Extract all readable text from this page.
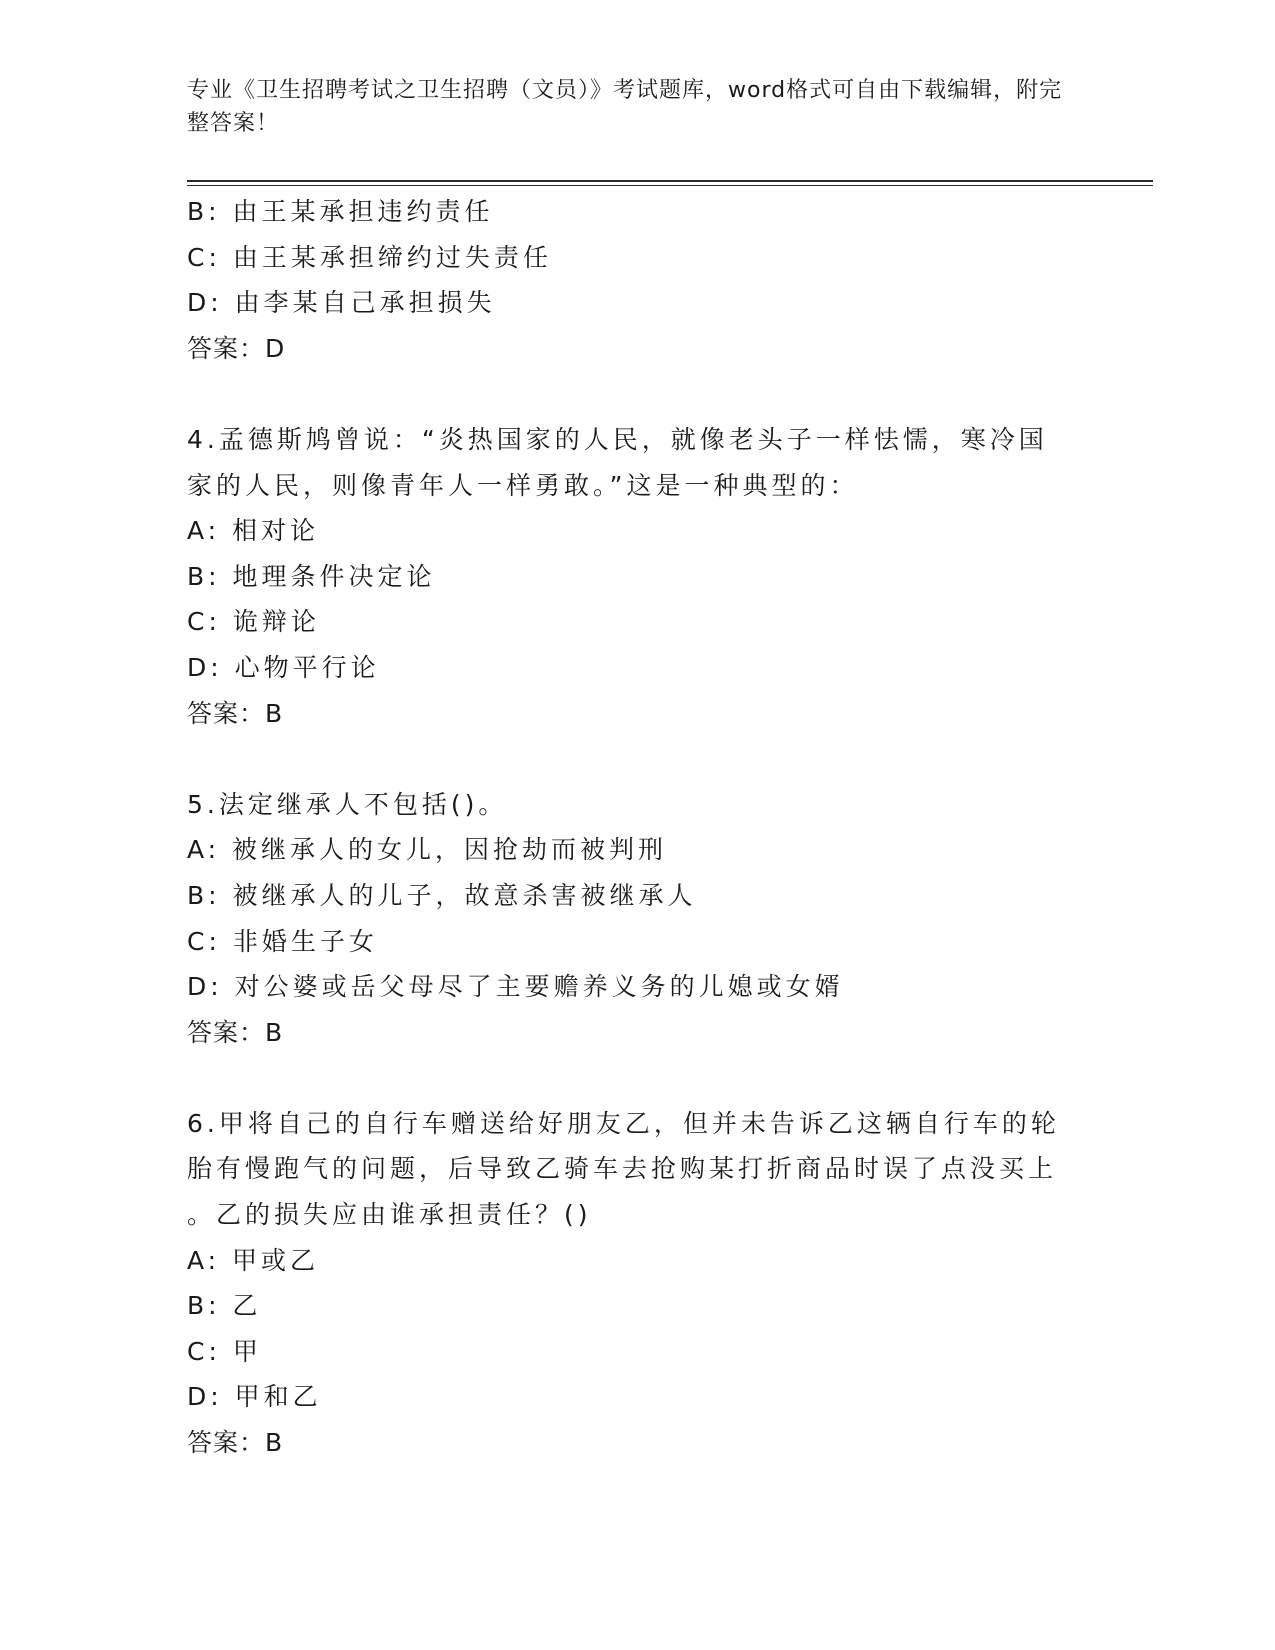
专业《卫生招聘考试之卫生招聘（文员）》考试题库，word格式可自由下载编辑，附完整答案！
B: 由王某承担违约责任
C: 由王某承担缔约过失责任
D: 由李某自己承担损失
答案：D
4.孟德斯鸠曾说：“炎热国家的人民，就像老头子一样怯懦，寒冷国
家的人民，则像青年人一样勇敢。”这是一种典型的：
A: 相对论
B: 地理条件决定论
C: 诡辩论
D: 心物平行论
答案：B
5.法定继承人不包括()。
A: 被继承人的女儿，因抢劫而被判刑
B: 被继承人的儿子，故意杀害被继承人
C: 非婚生子女
D: 对公婆或岳父母尽了主要赡养义务的儿媳或女婿
答案：B
6.甲将自己的自行车赠送给好朋友乙，但并未告诉乙这辆自行车的轮
胎有慢跑气的问题，后导致乙骑车去抢购某打折商品时误了点没买上
。乙的损失应由谁承担责任？()
A: 甲或乙
B: 乙
C: 甲
D: 甲和乙
答案：B
